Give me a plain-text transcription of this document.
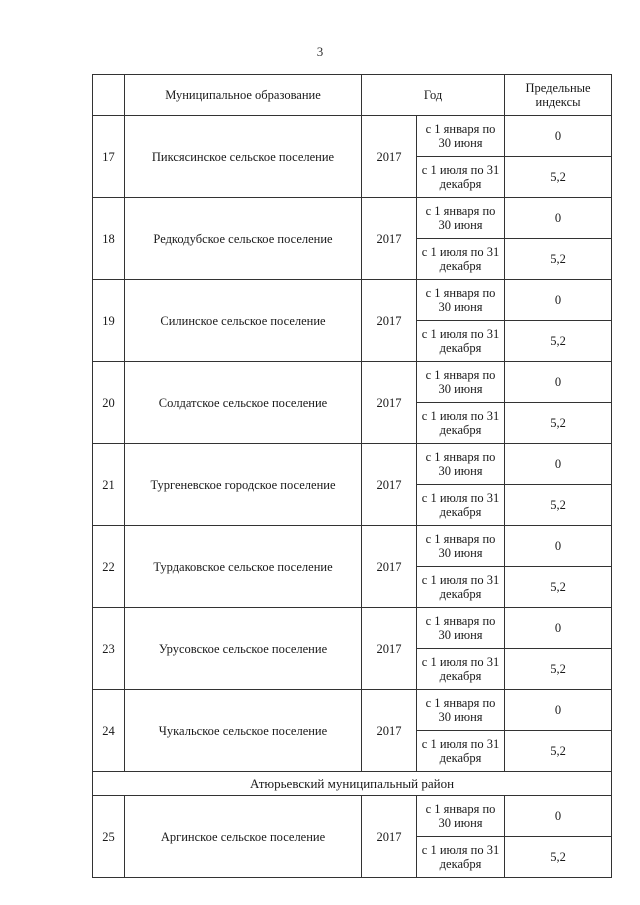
3
	Муниципальное образование	Год		Предельные индексы
17	Пиксясинское сельское поселение	2017	с 1 января по 30 июня	0
			с 1 июля по 31 декабря	5,2
18	Редкодубское сельское поселение	2017	с 1 января по 30 июня	0
			с 1 июля по 31 декабря	5,2
19	Силинское сельское поселение	2017	с 1 января по 30 июня	0
			с 1 июля по 31 декабря	5,2
20	Солдатское сельское поселение	2017	с 1 января по 30 июня	0
			с 1 июля по 31 декабря	5,2
21	Тургеневское городское поселение	2017	с 1 января по 30 июня	0
			с 1 июля по 31 декабря	5,2
22	Турдаковское сельское поселение	2017	с 1 января по 30 июня	0
			с 1 июля по 31 декабря	5,2
23	Урусовское сельское поселение	2017	с 1 января по 30 июня	0
			с 1 июля по 31 декабря	5,2
24	Чукальское сельское поселение	2017	с 1 января по 30 июня	0
			с 1 июля по 31 декабря	5,2
Атюрьевский муниципальный район				
25	Аргинское сельское поселение	2017	с 1 января по 30 июня	0
			с 1 июля по 31 декабря	5,2
